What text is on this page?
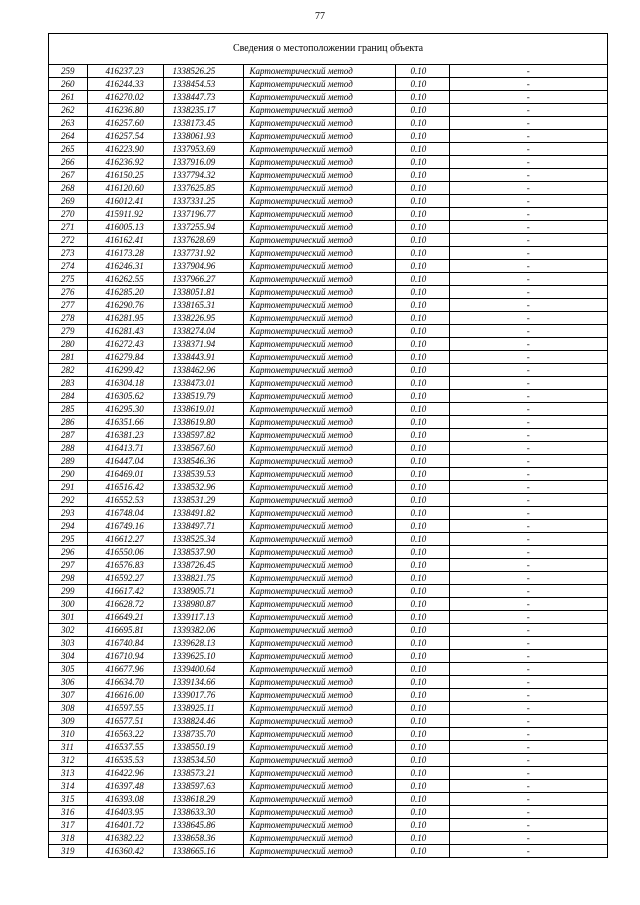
77
Сведения о местоположении границ объекта
259	416237.23	1338526.25	Картометрический метод	0.10	-
260	416244.33	1338454.53	Картометрический метод	0.10	-
261	416270.02	1338447.73	Картометрический метод	0.10	-
262	416236.80	1338235.17	Картометрический метод	0.10	-
263	416257.60	1338173.45	Картометрический метод	0.10	-
264	416257.54	1338061.93	Картометрический метод	0.10	-
265	416223.90	1337953.69	Картометрический метод	0.10	-
266	416236.92	1337916.09	Картометрический метод	0.10	-
267	416150.25	1337794.32	Картометрический метод	0.10	-
268	416120.60	1337625.85	Картометрический метод	0.10	-
269	416012.41	1337331.25	Картометрический метод	0.10	-
270	415911.92	1337196.77	Картометрический метод	0.10	-
271	416005.13	1337255.94	Картометрический метод	0.10	-
272	416162.41	1337628.69	Картометрический метод	0.10	-
273	416173.28	1337731.92	Картометрический метод	0.10	-
274	416246.31	1337904.96	Картометрический метод	0.10	-
275	416262.55	1337966.27	Картометрический метод	0.10	-
276	416285.20	1338051.81	Картометрический метод	0.10	-
277	416290.76	1338165.31	Картометрический метод	0.10	-
278	416281.95	1338226.95	Картометрический метод	0.10	-
279	416281.43	1338274.04	Картометрический метод	0.10	-
280	416272.43	1338371.94	Картометрический метод	0.10	-
281	416279.84	1338443.91	Картометрический метод	0.10	-
282	416299.42	1338462.96	Картометрический метод	0.10	-
283	416304.18	1338473.01	Картометрический метод	0.10	-
284	416305.62	1338519.79	Картометрический метод	0.10	-
285	416295.30	1338619.01	Картометрический метод	0.10	-
286	416351.66	1338619.80	Картометрический метод	0.10	-
287	416381.23	1338597.82	Картометрический метод	0.10	-
288	416413.71	1338567.60	Картометрический метод	0.10	-
289	416447.04	1338546.36	Картометрический метод	0.10	-
290	416469.01	1338539.53	Картометрический метод	0.10	-
291	416516.42	1338532.96	Картометрический метод	0.10	-
292	416552.53	1338531.29	Картометрический метод	0.10	-
293	416748.04	1338491.82	Картометрический метод	0.10	-
294	416749.16	1338497.71	Картометрический метод	0.10	-
295	416612.27	1338525.34	Картометрический метод	0.10	-
296	416550.06	1338537.90	Картометрический метод	0.10	-
297	416576.83	1338726.45	Картометрический метод	0.10	-
298	416592.27	1338821.75	Картометрический метод	0.10	-
299	416617.42	1338905.71	Картометрический метод	0.10	-
300	416628.72	1338980.87	Картометрический метод	0.10	-
301	416649.21	1339117.13	Картометрический метод	0.10	-
302	416695.81	1339382.06	Картометрический метод	0.10	-
303	416740.84	1339628.13	Картометрический метод	0.10	-
304	416710.94	1339625.10	Картометрический метод	0.10	-
305	416677.96	1339400.64	Картометрический метод	0.10	-
306	416634.70	1339134.66	Картометрический метод	0.10	-
307	416616.00	1339017.76	Картометрический метод	0.10	-
308	416597.55	1338925.11	Картометрический метод	0.10	-
309	416577.51	1338824.46	Картометрический метод	0.10	-
310	416563.22	1338735.70	Картометрический метод	0.10	-
311	416537.55	1338550.19	Картометрический метод	0.10	-
312	416535.53	1338534.50	Картометрический метод	0.10	-
313	416422.96	1338573.21	Картометрический метод	0.10	-
314	416397.48	1338597.63	Картометрический метод	0.10	-
315	416393.08	1338618.29	Картометрический метод	0.10	-
316	416403.95	1338633.30	Картометрический метод	0.10	-
317	416401.72	1338645.86	Картометрический метод	0.10	-
318	416382.22	1338658.36	Картометрический метод	0.10	-
319	416360.42	1338665.16	Картометрический метод	0.10	-
